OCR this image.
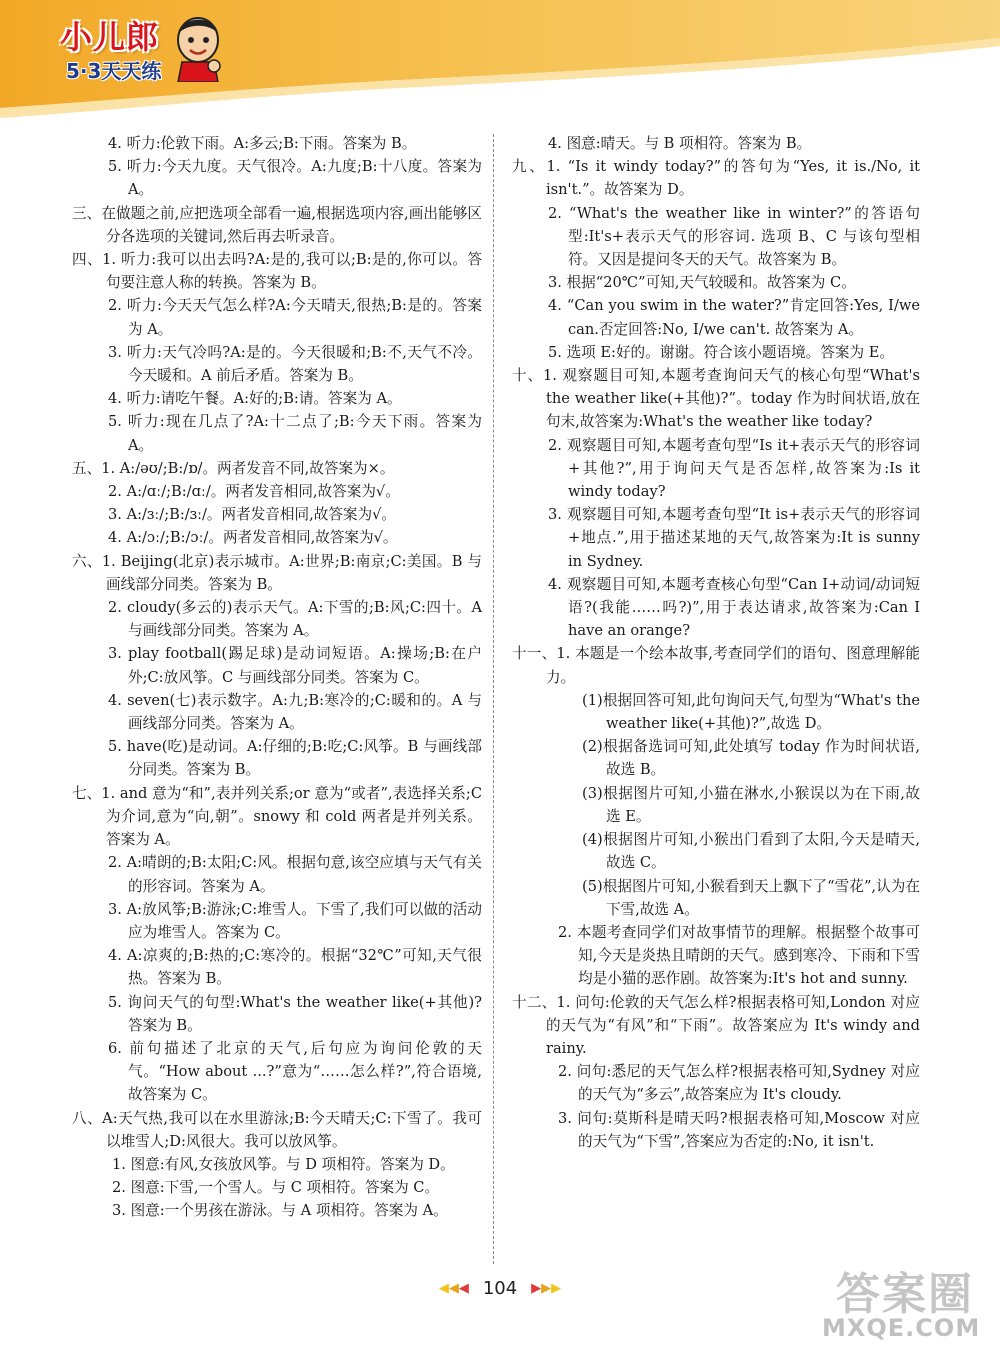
小儿郎
5·3天天练
4. 听力:伦敦下雨。A:多云;B:下雨。答案为 B。
5. 听力:今天九度。天气很冷。A:九度;B:十八度。答案为 A。
三、在做题之前,应把选项全部看一遍,根据选项内容,画出能够区分各选项的关键词,然后再去听录音。
四、1. 听力:我可以出去吗?A:是的,我可以;B:是的,你可以。答句要注意人称的转换。答案为 B。
2. 听力:今天天气怎么样?A:今天晴天,很热;B:是的。答案为 A。
3. 听力:天气冷吗?A:是的。今天很暖和;B:不,天气不冷。今天暖和。A 前后矛盾。答案为 B。
4. 听力:请吃午餐。A:好的;B:请。答案为 A。
5. 听力:现在几点了?A:十二点了;B:今天下雨。答案为 A。
五、1. A:/əʊ/;B:/ɒ/。两者发音不同,故答案为×。
2. A:/ɑː/;B:/ɑː/。两者发音相同,故答案为√。
3. A:/ɜː/;B:/ɜː/。两者发音相同,故答案为√。
4. A:/ɔː/;B:/ɔː/。两者发音相同,故答案为√。
六、1. Beijing(北京)表示城市。A:世界;B:南京;C:美国。B 与画线部分同类。答案为 B。
2. cloudy(多云的)表示天气。A:下雪的;B:风;C:四十。A 与画线部分同类。答案为 A。
3. play football(踢足球)是动词短语。A:操场;B:在户外;C:放风筝。C 与画线部分同类。答案为 C。
4. seven(七)表示数字。A:九;B:寒冷的;C:暖和的。A 与画线部分同类。答案为 A。
5. have(吃)是动词。A:仔细的;B:吃;C:风筝。B 与画线部分同类。答案为 B。
七、1. and 意为“和”,表并列关系;or 意为“或者”,表选择关系;C 为介词,意为“向,朝”。snowy 和 cold 两者是并列关系。答案为 A。
2. A:晴朗的;B:太阳;C:风。根据句意,该空应填与天气有关的形容词。答案为 A。
3. A:放风筝;B:游泳;C:堆雪人。下雪了,我们可以做的活动应为堆雪人。答案为 C。
4. A:凉爽的;B:热的;C:寒冷的。根据“32℃”可知,天气很热。答案为 B。
5. 询问天气的句型:What's the weather like(+其他)?答案为 B。
6. 前句描述了北京的天气,后句应为询问伦敦的天气。“How about ...?”意为“……怎么样?”,符合语境,故答案为 C。
八、A:天气热,我可以在水里游泳;B:今天晴天;C:下雪了。我可以堆雪人;D:风很大。我可以放风筝。
1. 图意:有风,女孩放风筝。与 D 项相符。答案为 D。
2. 图意:下雪,一个雪人。与 C 项相符。答案为 C。
3. 图意:一个男孩在游泳。与 A 项相符。答案为 A。
4. 图意:晴天。与 B 项相符。答案为 B。
九、1. “Is it windy today?”的答句为“Yes, it is./No, it isn't.”。故答案为 D。
2. “What's the weather like in winter?”的答语句型:It's+表示天气的形容词. 选项 B、C 与该句型相符。又因是提问冬天的天气。故答案为 B。
3. 根据“20℃”可知,天气较暖和。故答案为 C。
4. “Can you swim in the water?”肯定回答:Yes, I/we can.否定回答:No, I/we can't. 故答案为 A。
5. 选项 E:好的。谢谢。符合该小题语境。答案为 E。
十、1. 观察题目可知,本题考查询问天气的核心句型“What's the weather like(+其他)?”。today 作为时间状语,放在句末,故答案为:What's the weather like today?
2. 观察题目可知,本题考查句型“Is it+表示天气的形容词+其他?”,用于询问天气是否怎样,故答案为:Is it windy today?
3. 观察题目可知,本题考查句型“It is+表示天气的形容词+地点.”,用于描述某地的天气,故答案为:It is sunny in Sydney.
4. 观察题目可知,本题考查核心句型“Can I+动词/动词短语?(我能……吗?)”,用于表达请求,故答案为:Can I have an orange?
十一、1. 本题是一个绘本故事,考查同学们的语句、图意理解能力。
(1)根据回答可知,此句询问天气,句型为“What's the weather like(+其他)?”,故选 D。
(2)根据备选词可知,此处填写 today 作为时间状语,故选 B。
(3)根据图片可知,小猫在淋水,小猴误以为在下雨,故选 E。
(4)根据图片可知,小猴出门看到了太阳,今天是晴天,故选 C。
(5)根据图片可知,小猴看到天上飘下了“雪花”,认为在下雪,故选 A。
2. 本题考查同学们对故事情节的理解。根据整个故事可知,今天是炎热且晴朗的天气。感到寒冷、下雨和下雪均是小猫的恶作剧。故答案为:It's hot and sunny.
十二、1. 问句:伦敦的天气怎么样?根据表格可知,London 对应的天气为“有风”和“下雨”。故答案应为 It's windy and rainy.
2. 问句:悉尼的天气怎么样?根据表格可知,Sydney 对应的天气为“多云”,故答案应为 It's cloudy.
3. 问句:莫斯科是晴天吗?根据表格可知,Moscow 对应的天气为“下雪”,答案应为否定的:No, it isn't.
◀◀◀ 104 ▶▶▶	答案圈
MXQE.COM
